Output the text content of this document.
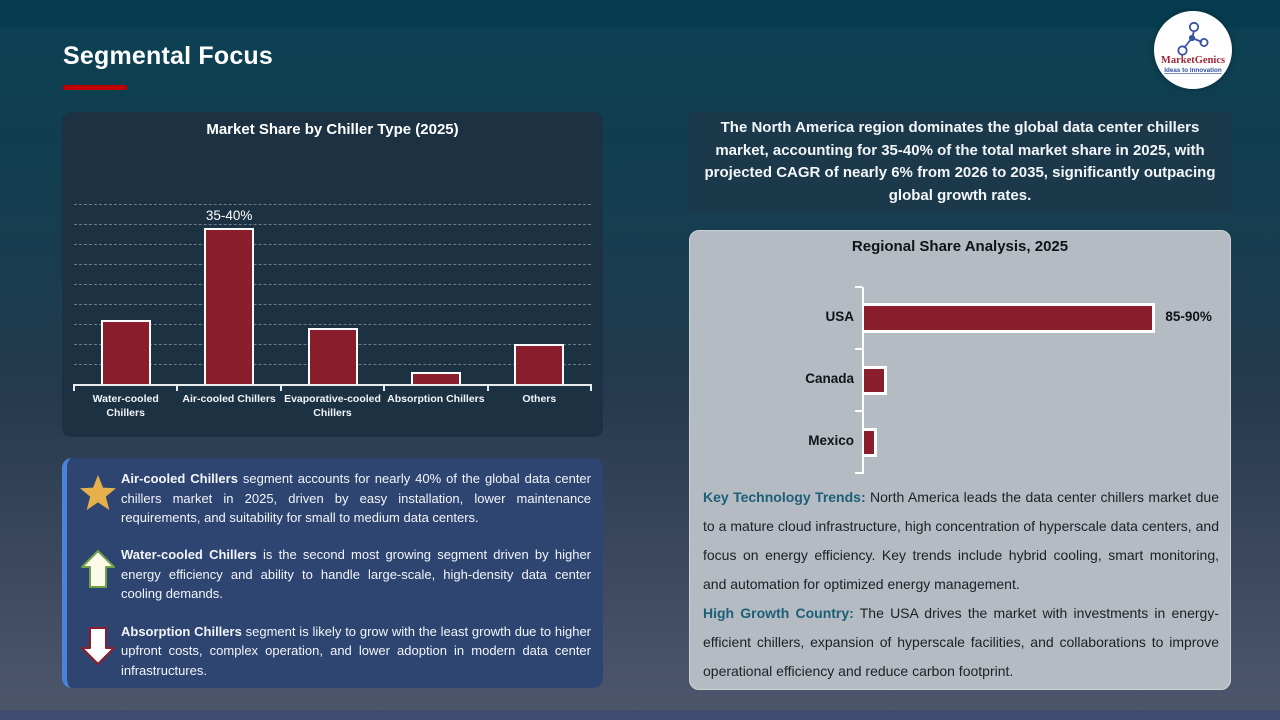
Segmental Focus	MarketGenics
Ideas to Innovation
Market Share by Chiller Type (2025)
Water-cooled Chillers
35-40%
Air-cooled Chillers Evaporative-cooled Chillers
Absorption Chillers	Others
The North America region dominates the global data center chillers market, accounting for 35-40% of the total market share in 2025, with projected CAGR of nearly 6% from 2026 to 2035, significantly outpacing global growth rates.
Regional Share Analysis, 2025
USA	85-90%
Canada
Mexico
Key Technology Trends: North America leads the data center chillers market due to a mature cloud infrastructure, high concentration of hyperscale data centers, and focus on energy efficiency. Key trends include hybrid cooling, smart monitoring, and automation for optimized energy management.
High Growth Country: The USA drives the market with investments in energy-efficient chillers, expansion of hyperscale facilities, and collaborations to improve operational efficiency and reduce carbon footprint.
Air-cooled Chillers segment accounts for nearly 40% of the global data center chillers market in 2025, driven by easy installation, lower maintenance requirements, and suitability for small to medium data centers.
Water-cooled Chillers is the second most growing segment driven by higher energy efficiency and ability to handle large-scale, high-density data center cooling demands.
Absorption Chillers segment is likely to grow with the least growth due to higher upfront costs, complex operation, and lower adoption in modern data center infrastructures.
